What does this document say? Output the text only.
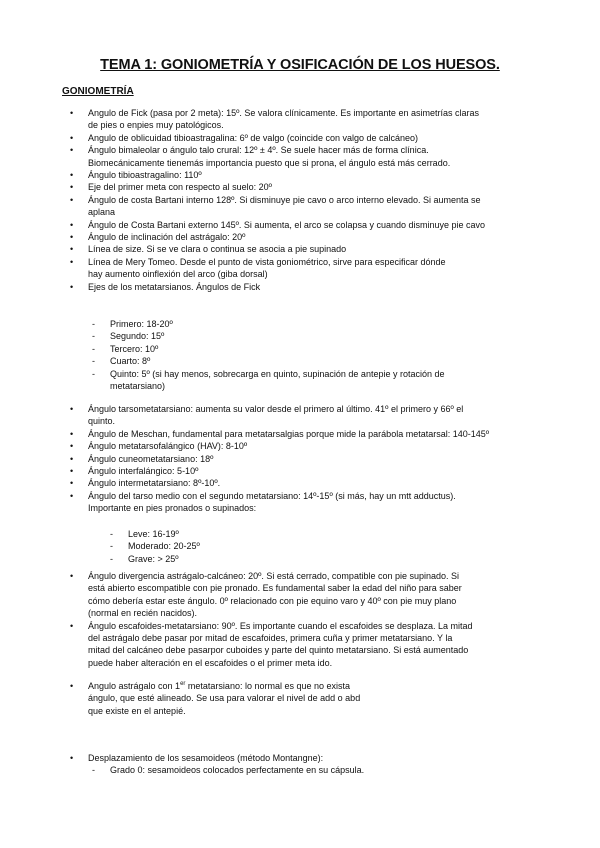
TEMA 1: GONIOMETRÍA Y OSIFICACIÓN DE LOS HUESOS.
GONIOMETRÍA
• Angulo de Fick (pasa por 2 meta): 15º. Se valora clínicamente. Es importante en asimetrías claras
de pies o enpies muy patológicos.
• Angulo de oblicuidad tibioastragalina: 6º de valgo (coincide con valgo de calcáneo)
• Ángulo bimaleolar o ángulo talo crural: 12º ± 4º. Se suele hacer más de forma clínica.
Biomecánicamente tienemás importancia puesto que si prona, el ángulo está más cerrado.
• Ángulo tibioastragalino: 110º
• Eje del primer meta con respecto al suelo: 20º
• Ángulo de costa Bartani interno 128º. Si disminuye pie cavo o arco interno elevado. Si aumenta se
aplana
• Ángulo de Costa Bartani externo 145º. Si aumenta, el arco se colapsa y cuando disminuye pie cavo
• Ángulo de inclinación del astrágalo: 20º
• Línea de size. Si se ve clara o continua se asocia a pie supinado
• Línea de Mery Tomeo. Desde el punto de vista goniométrico, sirve para especificar dónde
hay aumento oinflexión del arco (giba dorsal)
• Ejes de los metatarsianos. Ángulos de Fick
- Primero: 18-20º
- Segundo: 15º
- Tercero: 10º
- Cuarto: 8º
- Quinto: 5º (si hay menos, sobrecarga en quinto, supinación de antepie y rotación de
metatarsiano)
• Ángulo tarsometatarsiano: aumenta su valor desde el primero al último. 41º el primero y 66º el
quinto.
• Ángulo de Meschan, fundamental para metatarsalgias porque mide la parábola metatarsal: 140-145º
• Ángulo metatarsofalángico (HAV): 8-10º
• Ángulo cuneometatarsiano: 18º
• Ángulo interfalángico: 5-10º
• Ángulo intermetatarsiano: 8º-10º.
• Ángulo del tarso medio con el segundo metatarsiano: 14º-15º (si más, hay un mtt adductus).
Importante en pies pronados o supinados:
- Leve: 16-19º
- Moderado: 20-25º
- Grave: > 25º
• Ángulo divergencia astrágalo-calcáneo: 20º. Si está cerrado, compatible con pie supinado. Si
está abierto escompatible con pie pronado. Es fundamental saber la edad del niño para saber
cómo debería estar este ángulo. 0º relacionado con pie equino varo y 40º con pie muy plano
(normal en recién nacidos).
• Ángulo escafoides-metatarsiano: 90º. Es importante cuando el escafoides se desplaza. La mitad
del astrágalo debe pasar por mitad de escafoides, primera cuña y primer metatarsiano. Y la
mitad del calcáneo debe pasarpor cuboides y parte del quinto metatarsiano. Si está aumentado
puede haber alteración en el escafoides o el primer meta ido.
• Angulo astrágalo con 1er metatarsiano: lo normal es que no exista
ángulo, que esté alineado. Se usa para valorar el nivel de add o abd
que existe en el antepié.
• Desplazamiento de los sesamoideos (método Montangne):
- Grado 0: sesamoideos colocados perfectamente en su cápsula.
